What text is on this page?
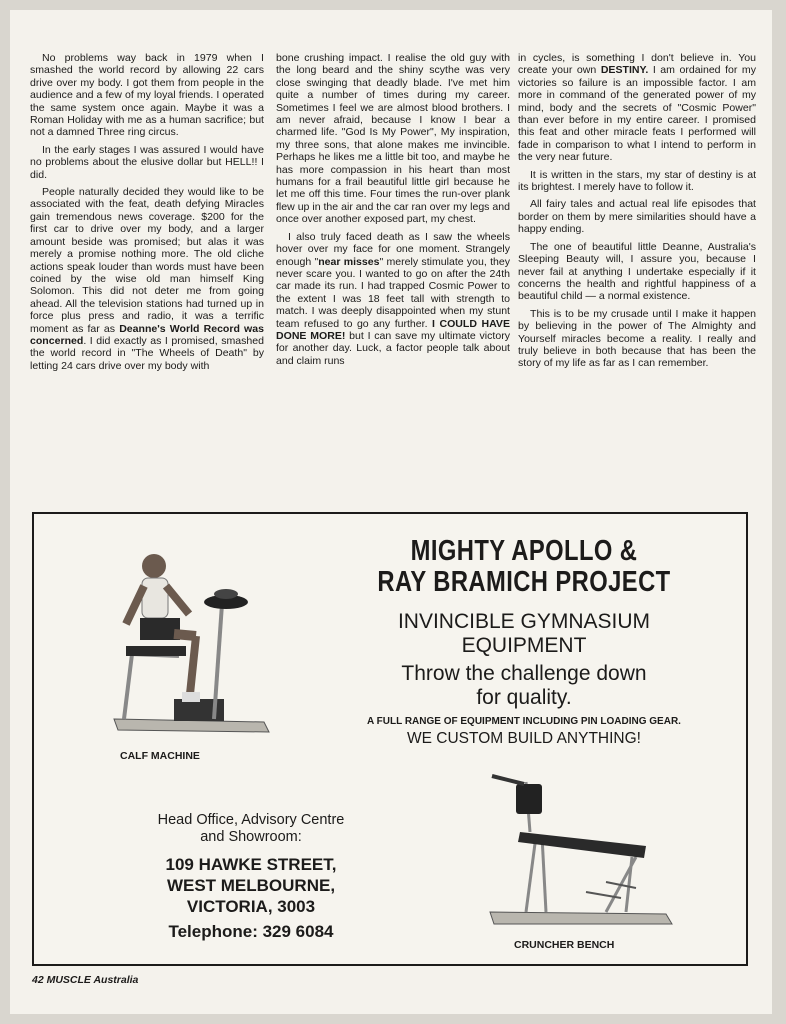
No problems way back in 1979 when I smashed the world record by allowing 22 cars drive over my body. I got them from people in the audience and a few of my loyal friends. I operated the same system once again. Maybe it was a Roman Holiday with me as a human sacrifice; but not a damned Three ring circus.

In the early stages I was assured I would have no problems about the elusive dollar but HELL!! I did.

People naturally decided they would like to be associated with the feat, death defying Miracles gain tremendous news coverage. $200 for the first car to drive over my body, and a larger amount beside was promised; but alas it was merely a promise nothing more. The old cliche actions speak louder than words must have been coined by the wise old man himself King Solomon. This did not deter me from going ahead. All the television stations had turned up in force plus press and radio, it was a terrific moment as far as Deanne's World Record was concerned. I did exactly as I promised, smashed the world record in "The Wheels of Death" by letting 24 cars drive over my body with

bone crushing impact. I realise the old guy with the long beard and the shiny scythe was very close swinging that deadly blade. I've met him quite a number of times during my career. Sometimes I feel we are almost blood brothers. I am never afraid, because I know I bear a charmed life. "God Is My Power", My inspiration, my three sons, that alone makes me invincible. Perhaps he likes me a little bit too, and maybe he has more compassion in his heart than most humans for a frail beautiful little girl because he let me off this time. Four times the run-over plank flew up in the air and the car ran over my legs and once over another exposed part, my chest.

I also truly faced death as I saw the wheels hover over my face for one moment. Strangely enough "near misses" merely stimulate you, they never scare you. I wanted to go on after the 24th car made its run. I had trapped Cosmic Power to the extent I was 18 feet tall with strength to match. I was deeply disappointed when my stunt team refused to go any further. I COULD HAVE DONE MORE! but I can save my ultimate victory for another day. Luck, a factor people talk about and claim runs

in cycles, is something I don't believe in. You create your own DESTINY. I am ordained for my victories so failure is an impossible factor. I am more in command of the generated power of my mind, body and the secrets of "Cosmic Power" than ever before in my entire career. I promised this feat and other miracle feats I performed will fade in comparison to what I intend to perform in the very near future.

It is written in the stars, my star of destiny is at its brightest. I merely have to follow it.

All fairy tales and actual real life episodes that border on them by mere similarities should have a happy ending.

The one of beautiful little Deanne, Australia's Sleeping Beauty will, I assure you, because I never fail at anything I undertake especially if it concerns the health and rightful happiness of a beautiful child — a normal existence.

This is to be my crusade until I make it happen by believing in the power of The Almighty and Yourself miracles become a reality. I really and truly believe in both because that has been the story of my life as far as I can remember.

MIGHTY APOLLO &
RAY BRAMICH PROJECT
INVINCIBLE GYMNASIUM
EQUIPMENT
Throw the challenge down
for quality.
A FULL RANGE OF EQUIPMENT INCLUDING PIN LOADING GEAR.
WE CUSTOM BUILD ANYTHING!
CALF MACHINE
Head Office, Advisory Centre
and Showroom:
109 HAWKE STREET,
WEST MELBOURNE,
VICTORIA, 3003
Telephone: 329 6084
CRUNCHER BENCH
42 MUSCLE Australia
